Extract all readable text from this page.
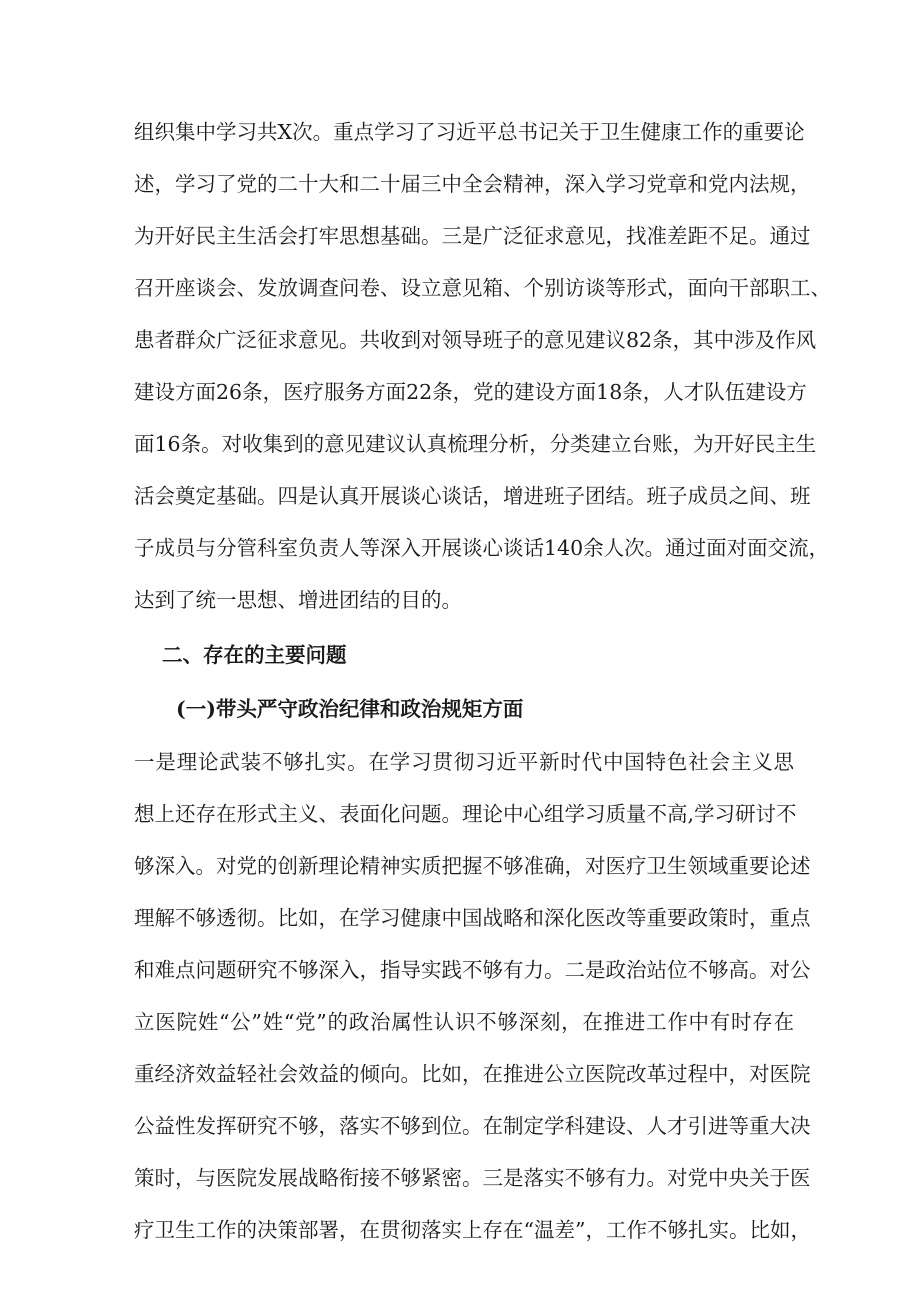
组织集中学习共X次。重点学习了习近平总书记关于卫生健康工作的重要论
述，学习了党的二十大和二十届三中全会精神，深入学习党章和党内法规，
为开好民主生活会打牢思想基础。三是广泛征求意见，找准差距不足。通过
召开座谈会、发放调查问卷、设立意见箱、个别访谈等形式，面向干部职工、
患者群众广泛征求意见。共收到对领导班子的意见建议82条，其中涉及作风
建设方面26条，医疗服务方面22条，党的建设方面18条，人才队伍建设方
面16条。对收集到的意见建议认真梳理分析，分类建立台账，为开好民主生
活会奠定基础。四是认真开展谈心谈话，增进班子团结。班子成员之间、班
子成员与分管科室负责人等深入开展谈心谈话140余人次。通过面对面交流，
达到了统一思想、增进团结的目的。
二、存在的主要问题
(一)带头严守政治纪律和政治规矩方面
一是理论武装不够扎实。在学习贯彻习近平新时代中国特色社会主义思
想上还存在形式主义、表面化问题。理论中心组学习质量不高,学习研讨不
够深入。对党的创新理论精神实质把握不够准确，对医疗卫生领域重要论述
理解不够透彻。比如，在学习健康中国战略和深化医改等重要政策时，重点
和难点问题研究不够深入，指导实践不够有力。二是政治站位不够高。对公
立医院姓“公”姓“党”的政治属性认识不够深刻，在推进工作中有时存在
重经济效益轻社会效益的倾向。比如，在推进公立医院改革过程中，对医院
公益性发挥研究不够，落实不够到位。在制定学科建设、人才引进等重大决
策时，与医院发展战略衔接不够紧密。三是落实不够有力。对党中央关于医
疗卫生工作的决策部署，在贯彻落实上存在“温差”，工作不够扎实。比如，
